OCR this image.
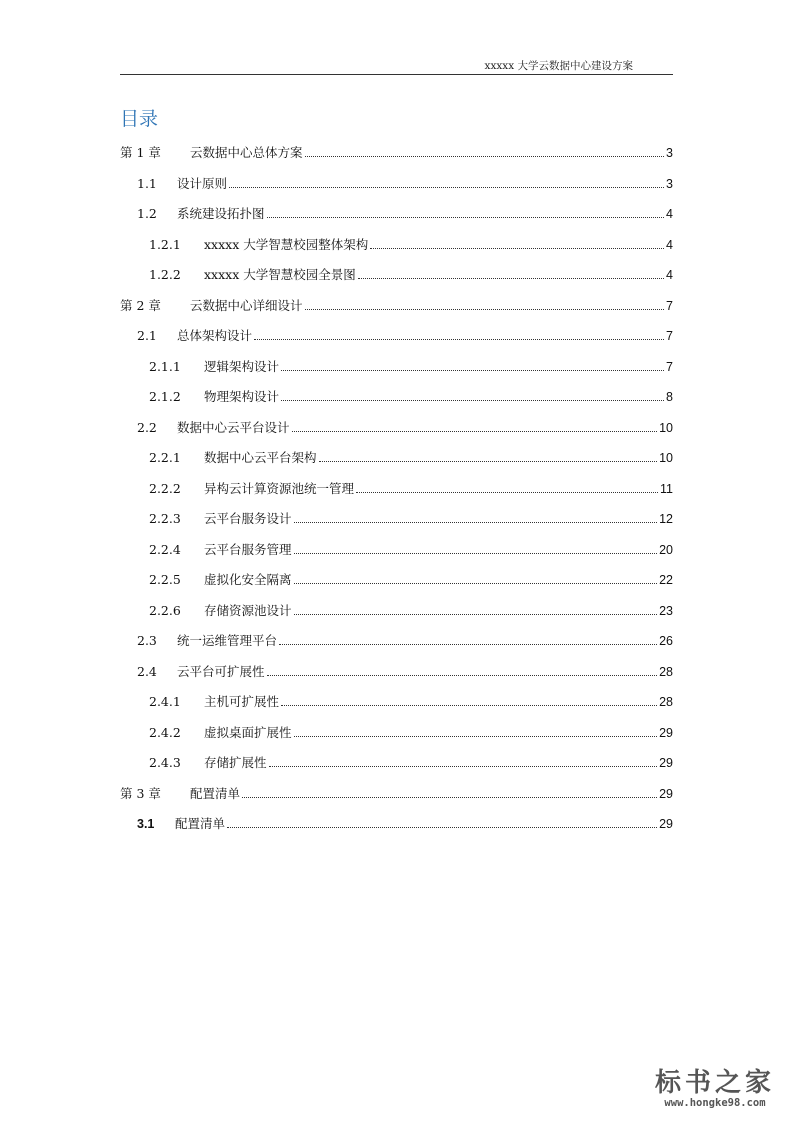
xxxxx 大学云数据中心建设方案
目录
第 1 章	云数据中心总体方案	3
1.1	设计原则	3
1.2	系统建设拓扑图	4
1.2.1	xxxxx 大学智慧校园整体架构	4
1.2.2	xxxxx 大学智慧校园全景图	4
第 2 章	云数据中心详细设计	7
2.1	总体架构设计	7
2.1.1	逻辑架构设计	7
2.1.2	物理架构设计	8
2.2	数据中心云平台设计	10
2.2.1	数据中心云平台架构	10
2.2.2	异构云计算资源池统一管理	11
2.2.3	云平台服务设计	12
2.2.4	云平台服务管理	20
2.2.5	虚拟化安全隔离	22
2.2.6	存储资源池设计	23
2.3	统一运维管理平台	26
2.4	云平台可扩展性	28
2.4.1	主机可扩展性	28
2.4.2	虚拟桌面扩展性	29
2.4.3	存储扩展性	29
第 3 章	配置清单	29
3.1	配置清单	29
标书之家
www.hongke98.com
